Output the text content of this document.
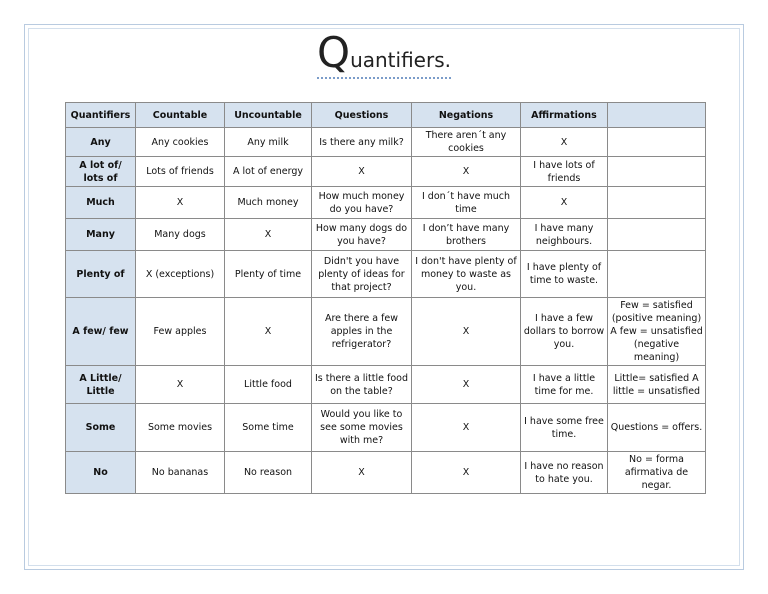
Quantifiers.
Quantifiers	Countable	Uncountable	Questions	Negations	Affirmations	
Any	Any cookies	Any milk	Is there any milk?	There aren´t any cookies	X	
A lot of/ lots of	Lots of friends	A lot of energy	X	X	I have lots of friends	
Much	X	Much money	How much money do you have?	I don´t have much time	X	
Many	Many dogs	X	How many dogs do you have?	I don’t have many brothers	I have many neighbours.	
Plenty of	X (exceptions)	Plenty of time	Didn't you have plenty of ideas for that project?	I don't have plenty of money to waste as you.	I have plenty of time to waste.	
A few/ few	Few apples	X	Are there a few apples in the refrigerator?	X	I have a few dollars to borrow you.	Few = satisfied (positive meaning) A few = unsatisfied (negative meaning)
A Little/ Little	X	Little food	Is there a little food on the table?	X	I have a little time for me.	Little= satisfied A little = unsatisfied
Some	Some movies	Some time	Would you like to see some movies with me?	X	I have some free time.	Questions = offers.
No	No bananas	No reason	X	X	I have no reason to hate you.	No = forma afirmativa de negar.
